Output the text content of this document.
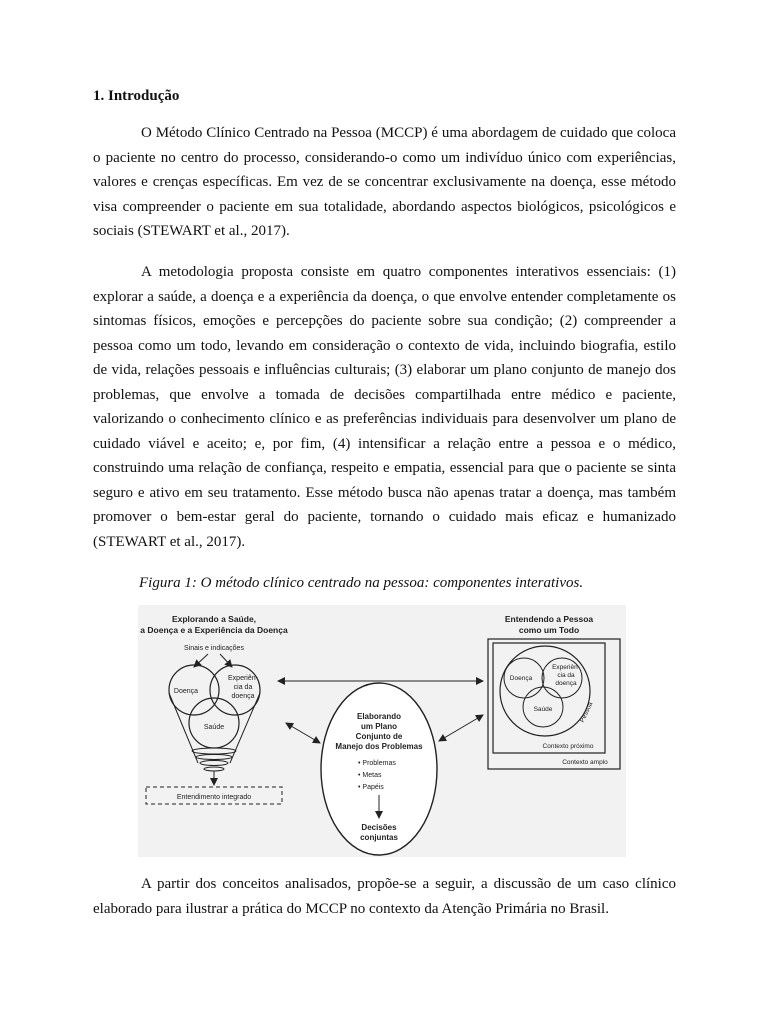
1. Introdução

O Método Clínico Centrado na Pessoa (MCCP) é uma abordagem de cuidado que coloca o paciente no centro do processo, considerando-o como um indivíduo único com experiências, valores e crenças específicas. Em vez de se concentrar exclusivamente na doença, esse método visa compreender o paciente em sua totalidade, abordando aspectos biológicos, psicológicos e sociais (STEWART et al., 2017).

A metodologia proposta consiste em quatro componentes interativos essenciais: (1) explorar a saúde, a doença e a experiência da doença, o que envolve entender completamente os sintomas físicos, emoções e percepções do paciente sobre sua condição; (2) compreender a pessoa como um todo, levando em consideração o contexto de vida, incluindo biografia, estilo de vida, relações pessoais e influências culturais; (3) elaborar um plano conjunto de manejo dos problemas, que envolve a tomada de decisões compartilhada entre médico e paciente, valorizando o conhecimento clínico e as preferências individuais para desenvolver um plano de cuidado viável e aceito; e, por fim, (4) intensificar a relação entre a pessoa e o médico, construindo uma relação de confiança, respeito e empatia, essencial para que o paciente se sinta seguro e ativo em seu tratamento. Esse método busca não apenas tratar a doença, mas também promover o bem-estar geral do paciente, tornando o cuidado mais eficaz e humanizado (STEWART et al., 2017).

Figura 1: O método clínico centrado na pessoa: componentes interativos.

Explorando a Saúde,
a Doença e a Experiência da Doença
Sinais e indicações
Doença
Experiên-
cia da
doença
Saúde
Entendimento integrado
Elaborando
um Plano
Conjunto de
Manejo dos Problemas
• Problemas
• Metas
• Papéis
Decisões
conjuntas
Entendendo a Pessoa
como um Todo
Doença
Experiên-
cia da
doença
Saúde	Pessoa
Contexto próximo
Contexto amplo

A partir dos conceitos analisados, propõe-se a seguir, a discussão de um caso clínico elaborado para ilustrar a prática do MCCP no contexto da Atenção Primária no Brasil.
